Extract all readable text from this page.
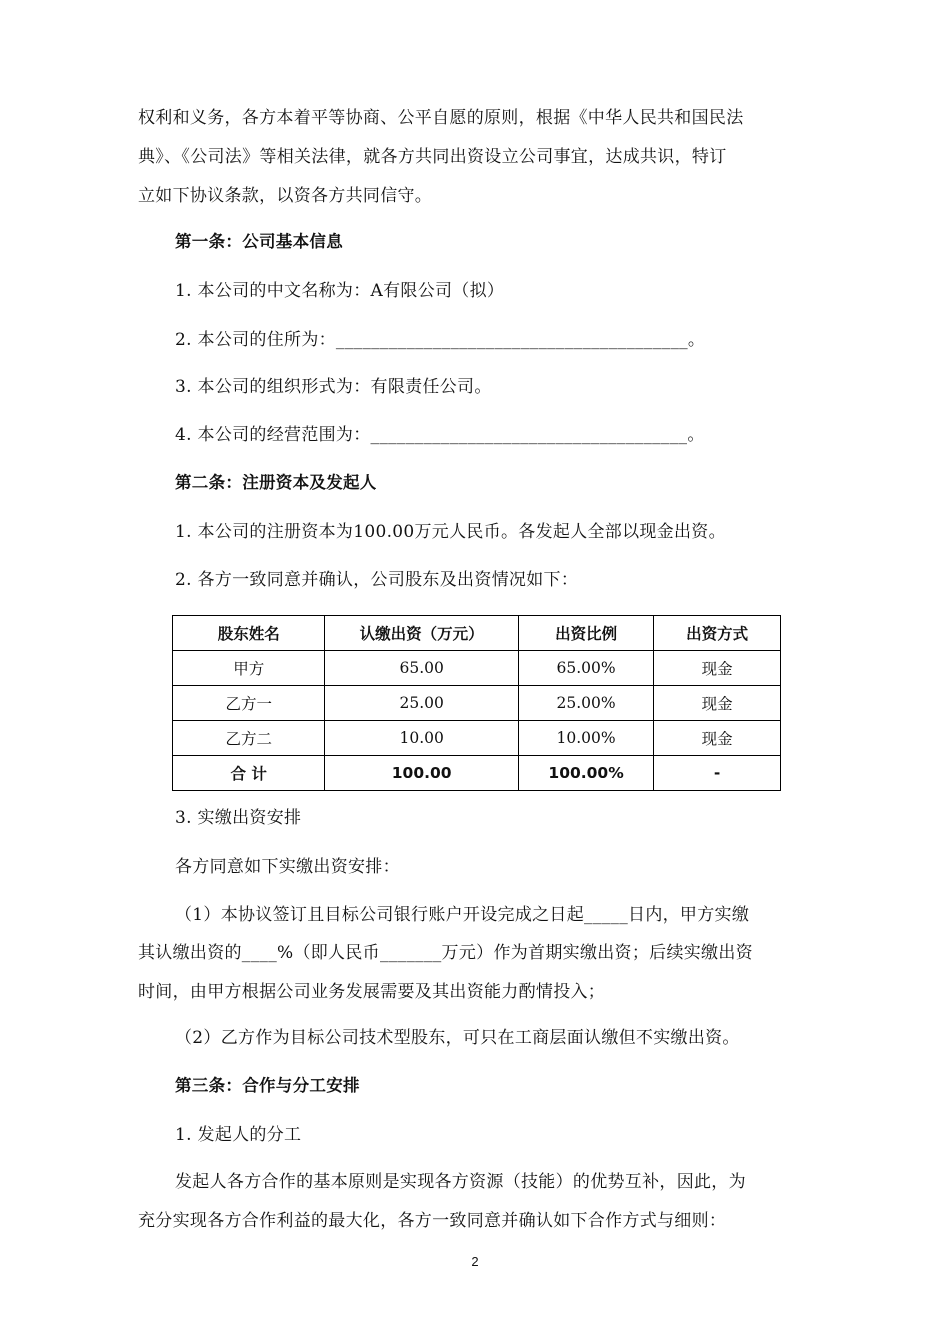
权利和义务，各方本着平等协商、公平自愿的原则，根据《中华人民共和国民法
典》、《公司法》等相关法律，就各方共同出资设立公司事宜，达成共识，特订
立如下协议条款，以资各方共同信守。
第一条：公司基本信息
1. 本公司的中文名称为：A有限公司（拟）
2. 本公司的住所为：________________________________________。
3. 本公司的组织形式为：有限责任公司。
4. 本公司的经营范围为：____________________________________。
第二条：注册资本及发起人
1. 本公司的注册资本为100.00万元人民币。各发起人全部以现金出资。
2. 各方一致同意并确认，公司股东及出资情况如下：
股东姓名	认缴出资（万元）	出资比例	出资方式
甲方	65.00	65.00%	现金
乙方一	25.00	25.00%	现金
乙方二	10.00	10.00%	现金
合 计	100.00	100.00%	-
3. 实缴出资安排
各方同意如下实缴出资安排：
（1）本协议签订且目标公司银行账户开设完成之日起_____日内，甲方实缴
其认缴出资的____%（即人民币_______万元）作为首期实缴出资；后续实缴出资
时间，由甲方根据公司业务发展需要及其出资能力酌情投入；
（2）乙方作为目标公司技术型股东，可只在工商层面认缴但不实缴出资。
第三条：合作与分工安排
1. 发起人的分工
发起人各方合作的基本原则是实现各方资源（技能）的优势互补，因此，为
充分实现各方合作利益的最大化，各方一致同意并确认如下合作方式与细则：
2
